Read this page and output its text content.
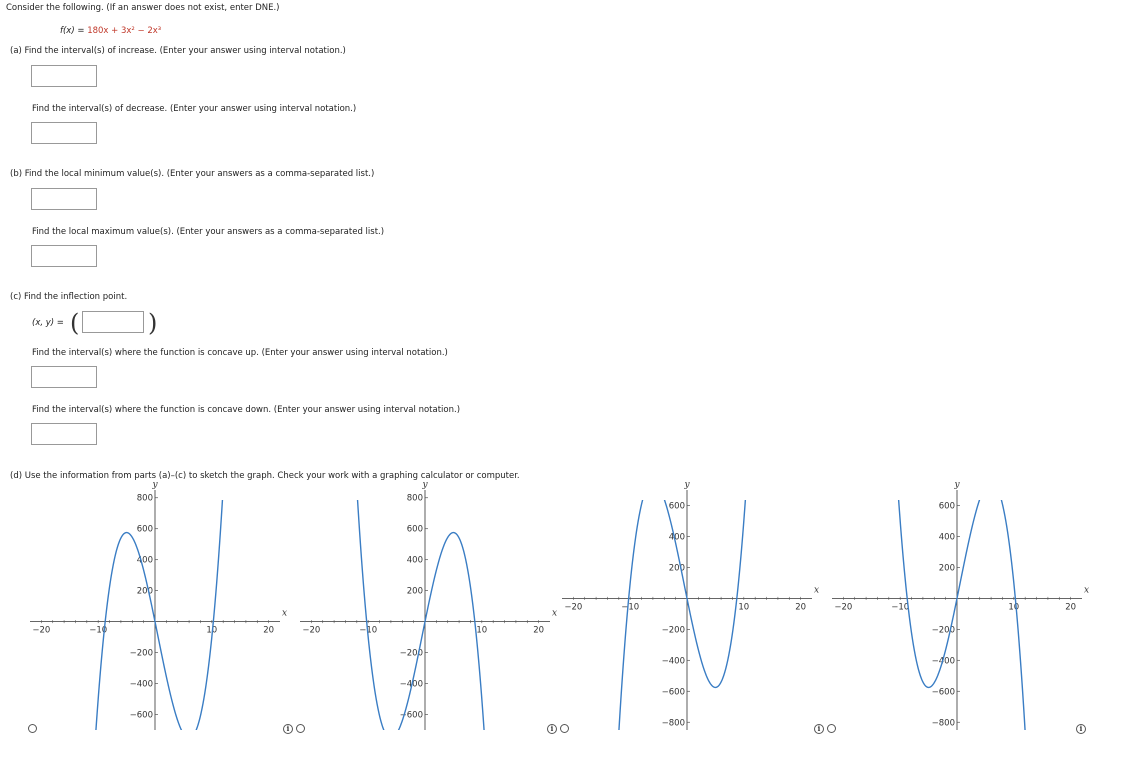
Consider the following. (If an answer does not exist, enter DNE.)
f(x) = 180x + 3x² − 2x³
(a) Find the interval(s) of increase. (Enter your answer using interval notation.)
Find the interval(s) of decrease. (Enter your answer using interval notation.)
(b) Find the local minimum value(s). (Enter your answers as a comma-separated list.)
Find the local maximum value(s). (Enter your answers as a comma-separated list.)
(c) Find the inflection point.
(x, y) = (	)
Find the interval(s) where the function is concave up. (Enter your answer using interval notation.)
Find the interval(s) where the function is concave down. (Enter your answer using interval notation.)
(d) Use the information from parts (a)–(c) to sketch the graph. Check your work with a graphing calculator or computer.
−20	−10	10	20
800
600
400
200
−200
−400
−600
x
y
−20	−10	10	20
800
600
400
200
−200
−400
−600
x
y
−20	−10	10	20
600
400
200
−200
−400
−600
−800
x
y
−20	−10	10	20
600
400
200
−200
−400
−600
−800
x
y
i	i	i	i
